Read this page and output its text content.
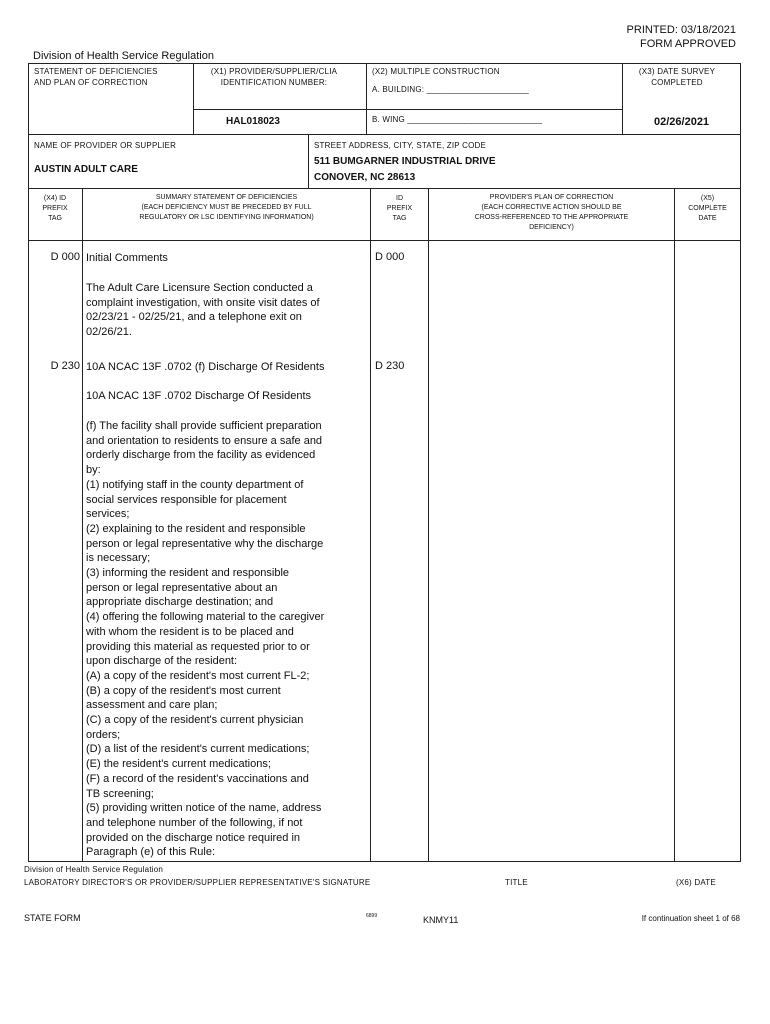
PRINTED: 03/18/2021
FORM APPROVED
Division of Health Service Regulation
STATEMENT OF DEFICIENCIES
AND PLAN OF CORRECTION
(X1) PROVIDER/SUPPLIER/CLIA
IDENTIFICATION NUMBER:
HAL018023
(X2) MULTIPLE CONSTRUCTION
A. BUILDING: ______________________
B. WING _____________________________
(X3) DATE SURVEY
COMPLETED
02/26/2021
NAME OF PROVIDER OR SUPPLIER
AUSTIN ADULT CARE
STREET ADDRESS, CITY, STATE, ZIP CODE
511 BUMGARNER INDUSTRIAL DRIVE
CONOVER, NC 28613
(X4) ID
PREFIX
TAG
SUMMARY STATEMENT OF DEFICIENCIES
(EACH DEFICIENCY MUST BE PRECEDED BY FULL
REGULATORY OR LSC IDENTIFYING INFORMATION)
ID
PREFIX
TAG
PROVIDER'S PLAN OF CORRECTION
(EACH CORRECTIVE ACTION SHOULD BE
CROSS-REFERENCED TO THE APPROPRIATE
DEFICIENCY)
(X5)
COMPLETE
DATE
D 000 Initial Comments	D 000
The Adult Care Licensure Section conducted a
complaint investigation, with onsite visit dates of
02/23/21 - 02/25/21, and a telephone exit on
02/26/21.
D 230 10A NCAC 13F .0702 (f) Discharge Of Residents	D 230
10A NCAC 13F .0702 Discharge Of Residents
(f) The facility shall provide sufficient preparation
and orientation to residents to ensure a safe and
orderly discharge from the facility as evidenced
by:
(1) notifying staff in the county department of
social services responsible for placement
services;
(2) explaining to the resident and responsible
person or legal representative why the discharge
is necessary;
(3) informing the resident and responsible
person or legal representative about an
appropriate discharge destination; and
(4) offering the following material to the caregiver
with whom the resident is to be placed and
providing this material as requested prior to or
upon discharge of the resident:
(A) a copy of the resident's most current FL-2;
(B) a copy of the resident's most current
assessment and care plan;
(C) a copy of the resident's current physician
orders;
(D) a list of the resident's current medications;
(E) the resident's current medications;
(F) a record of the resident's vaccinations and
TB screening;
(5) providing written notice of the name, address
and telephone number of the following, if not
provided on the discharge notice required in
Paragraph (e) of this Rule:
Division of Health Service Regulation
LABORATORY DIRECTOR'S OR PROVIDER/SUPPLIER REPRESENTATIVE'S SIGNATURE	TITLE	(X6) DATE
STATE FORM	6899	KNMY11	If continuation sheet 1 of 68
